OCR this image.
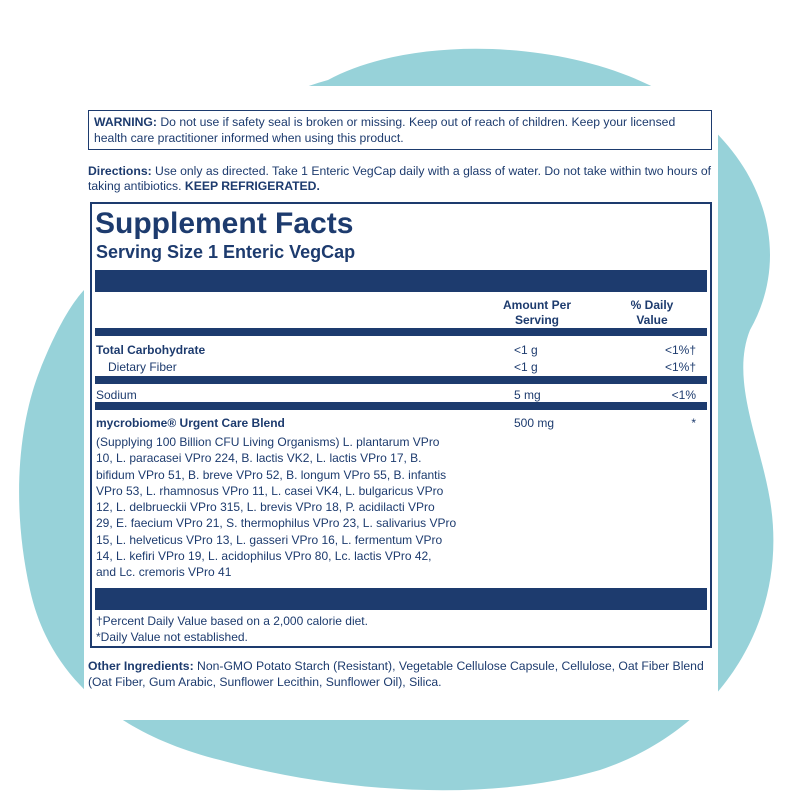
WARNING: Do not use if safety seal is broken or missing. Keep out of reach of children. Keep your licensed health care practitioner informed when using this product.
Directions: Use only as directed. Take 1 Enteric VegCap daily with a glass of water. Do not take within two hours of taking antibiotics. KEEP REFRIGERATED.
Supplement Facts
Serving Size 1 Enteric VegCap
Amount Per
Serving
% Daily
Value
Total Carbohydrate	<1 g	<1%†
Dietary Fiber	<1 g	<1%†
Sodium	5 mg	<1%
mycrobiome® Urgent Care Blend	500 mg	*
(Supplying 100 Billion CFU Living Organisms) L. plantarum VPro
10, L. paracasei VPro 224, B. lactis VK2, L. lactis VPro 17, B.
bifidum VPro 51, B. breve VPro 52, B. longum VPro 55, B. infantis
VPro 53, L. rhamnosus VPro 11, L. casei VK4, L. bulgaricus VPro
12, L. delbrueckii VPro 315, L. brevis VPro 18, P. acidilacti VPro
29, E. faecium VPro 21, S. thermophilus VPro 23, L. salivarius VPro
15, L. helveticus VPro 13, L. gasseri VPro 16, L. fermentum VPro
14, L. kefiri VPro 19, L. acidophilus VPro 80, Lc. lactis VPro 42,
and Lc. cremoris VPro 41
†Percent Daily Value based on a 2,000 calorie diet.
*Daily Value not established.
Other Ingredients: Non-GMO Potato Starch (Resistant), Vegetable Cellulose Capsule, Cellulose, Oat Fiber Blend (Oat Fiber, Gum Arabic, Sunflower Lecithin, Sunflower Oil), Silica.
